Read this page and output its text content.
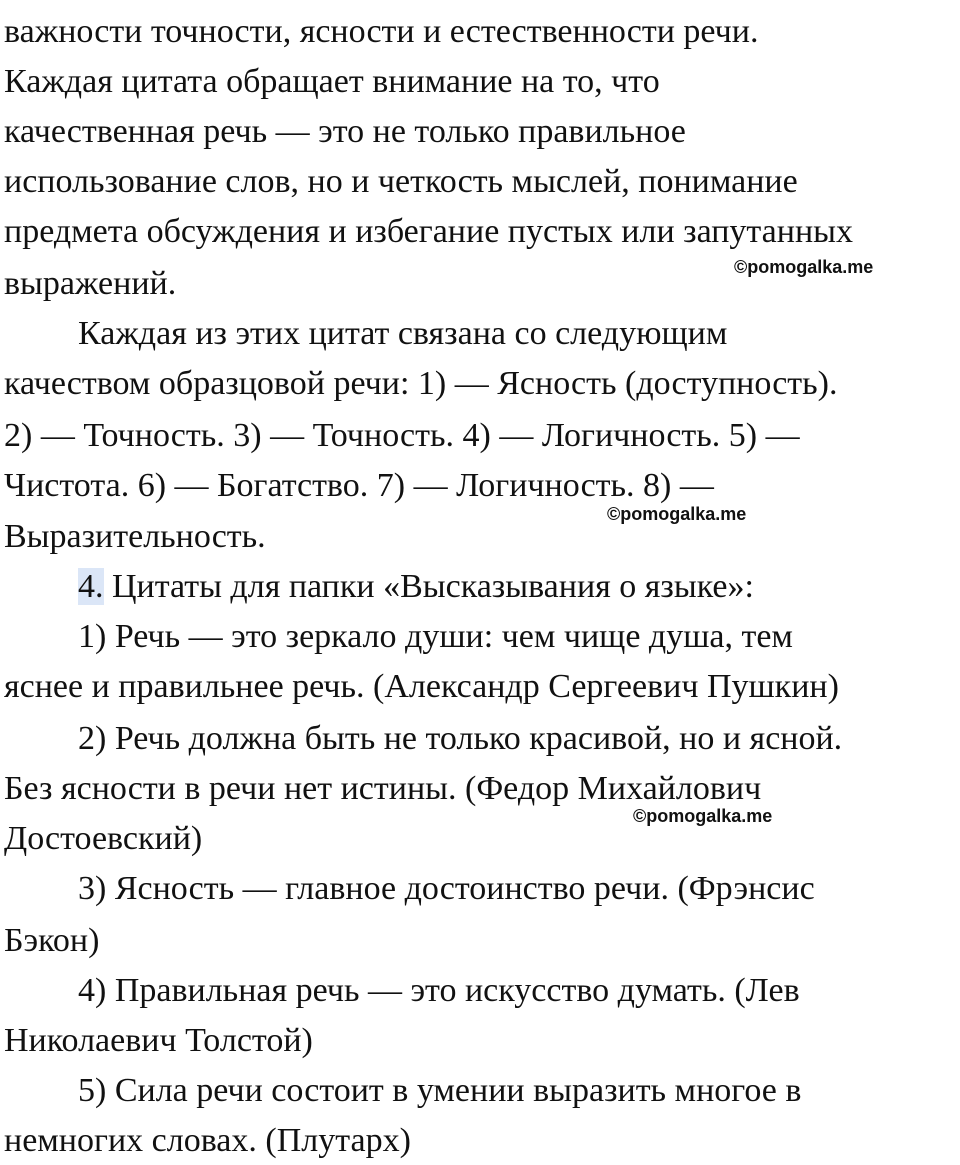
важности точности, ясности и естественности речи.
Каждая цитата обращает внимание на то, что
качественная речь — это не только правильное
использование слов, но и четкость мыслей, понимание
предмета обсуждения и избегание пустых или запутанных
выражений.	©pomogalka.me
Каждая из этих цитат связана со следующим
качеством образцовой речи: 1) — Ясность (доступность).
2) — Точность. 3) — Точность. 4) — Логичность. 5) —
Чистота. 6) — Богатство. 7) — Логичность. 8) —
©pomogalka.me
Выразительность.
4. Цитаты для папки «Высказывания о языке»:
1) Речь — это зеркало души: чем чище душа, тем
яснее и правильнее речь. (Александр Сергеевич Пушкин)
2) Речь должна быть не только красивой, но и ясной.
Без ясности в речи нет истины. (Федор Михайлович
©pomogalka.me
Достоевский)
3) Ясность — главное достоинство речи. (Фрэнсис
Бэкон)
4) Правильная речь — это искусство думать. (Лев
Николаевич Толстой)
5) Сила речи состоит в умении выразить многое в
немногих словах. (Плутарх)
